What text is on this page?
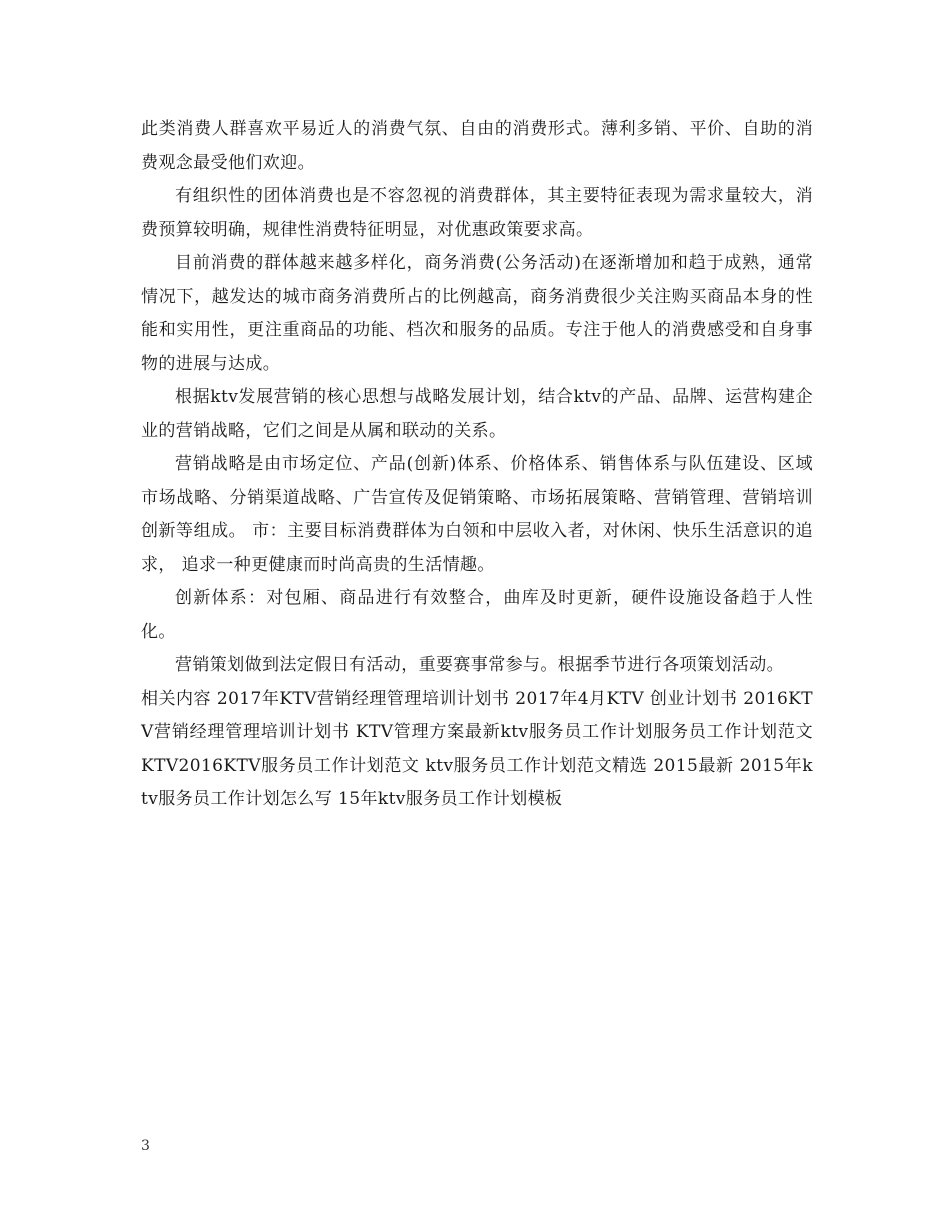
此类消费人群喜欢平易近人的消费气氛、自由的消费形式。薄利多销、平价、自助的消费观念最受他们欢迎。

有组织性的团体消费也是不容忽视的消费群体，其主要特征表现为需求量较大，消费预算较明确，规律性消费特征明显，对优惠政策要求高。

目前消费的群体越来越多样化，商务消费(公务活动)在逐渐增加和趋于成熟，通常情况下，越发达的城市商务消费所占的比例越高，商务消费很少关注购买商品本身的性能和实用性，更注重商品的功能、档次和服务的品质。专注于他人的消费感受和自身事物的进展与达成。

根据ktv发展营销的核心思想与战略发展计划，结合ktv的产品、品牌、运营构建企业的营销战略，它们之间是从属和联动的关系。

营销战略是由市场定位、产品(创新)体系、价格体系、销售体系与队伍建设、区域市场战略、分销渠道战略、广告宣传及促销策略、市场拓展策略、营销管理、营销培训创新等组成。 市：主要目标消费群体为白领和中层收入者，对休闲、快乐生活意识的追求， 追求一种更健康而时尚高贵的生活情趣。

创新体系：对包厢、商品进行有效整合，曲库及时更新，硬件设施设备趋于人性化。

营销策划做到法定假日有活动，重要赛事常参与。根据季节进行各项策划活动。

相关内容 2017年KTV营销经理管理培训计划书 2017年4月KTV 创业计划书 2016KTV营销经理管理培训计划书 KTV管理方案最新ktv服务员工作计划服务员工作计划范文 KTV2016KTV服务员工作计划范文 ktv服务员工作计划范文精选 2015最新 2015年ktv服务员工作计划怎么写 15年ktv服务员工作计划模板

3
